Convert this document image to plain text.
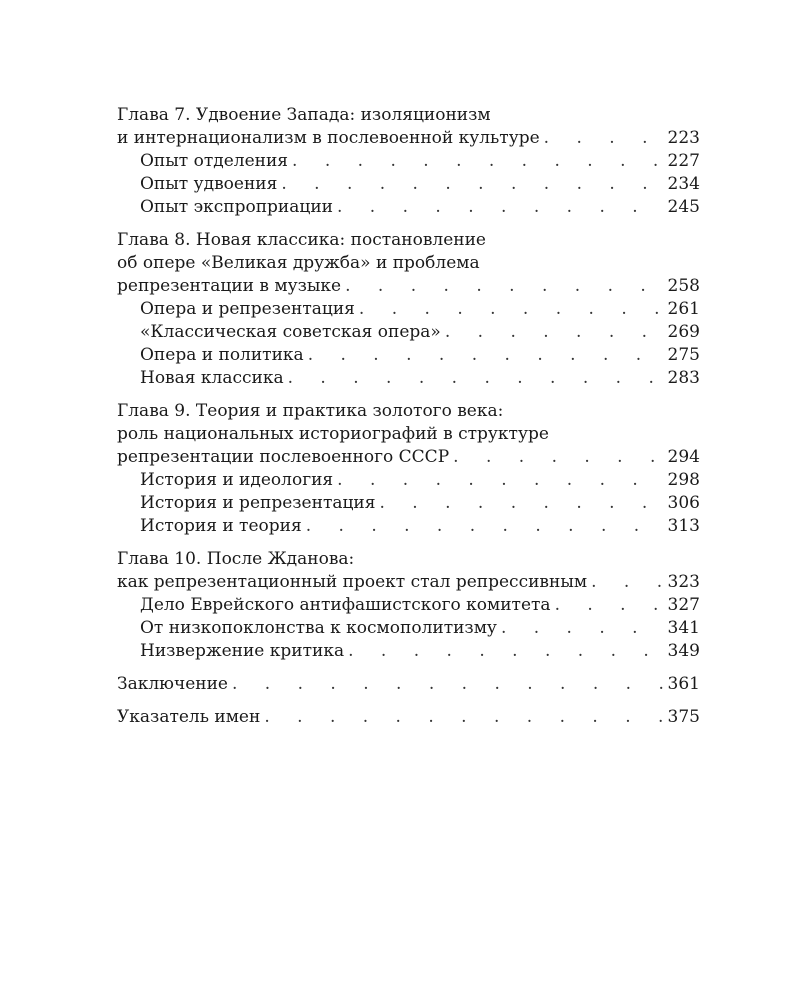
Глава 7. Удвоение Запада: изоляционизм
и интернационализм в послевоенной культуре . . .	223
Опыт отделения . . .	227
Опыт удвоения . . .	234
Опыт экспроприации . . .	245
Глава 8. Новая классика: постановление
об опере «Великая дружба» и проблема
репрезентации в музыке . . .	258
Опера и репрезентация . . .	261
«Классическая советская опера» . . .	269
Опера и политика . . .	275
Новая классика . . .	283
Глава 9. Теория и практика золотого века:
роль национальных историографий в структуре
репрезентации послевоенного СССР . . .	294
История и идеология . . .	298
История и репрезентация . . .	306
История и теория . . .	313
Глава 10. После Жданова:
как репрезентационный проект стал репрессивным . . .	323
Дело Еврейского антифашистского комитета . . .	327
От низкопоклонства к космополитизму . . .	341
Низвержение критика . . .	349
Заключение . . .	361
Указатель имен . . .	375
